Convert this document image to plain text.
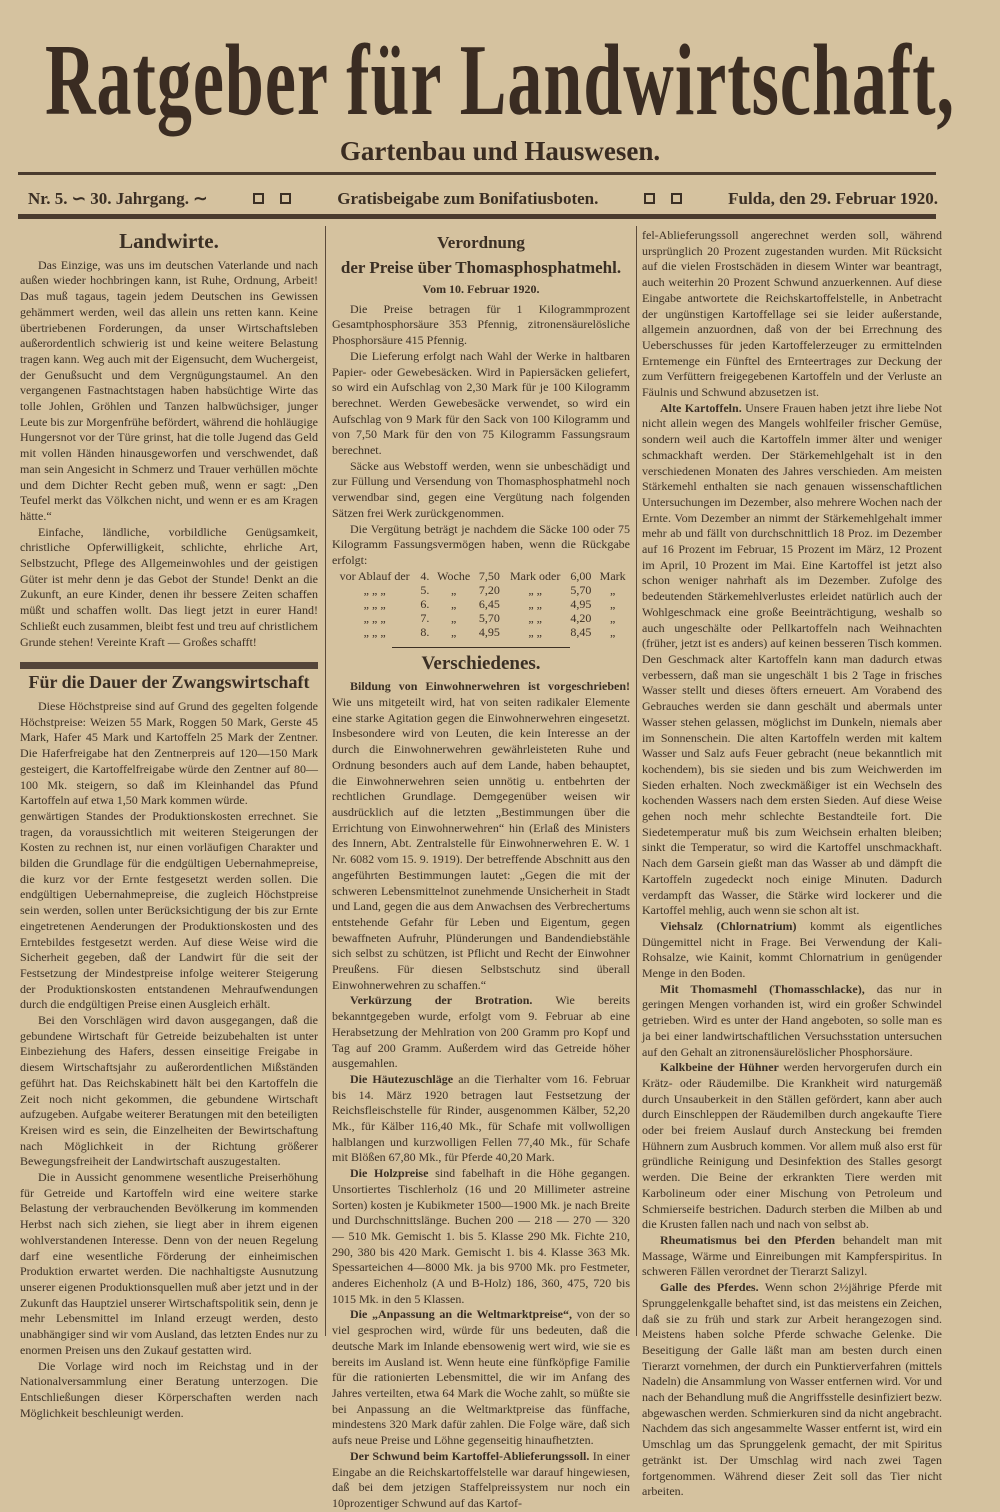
Ratgeber für Landwirtschaft,
Gartenbau und Hauswesen.
Nr. 5. ∽ 30. Jahrgang. ∼	Gratisbeigabe zum Bonifatiusboten.	Fulda, den 29. Februar 1920.
Landwirte.

Das Einzige, was uns im deutschen Vaterlande und nach außen wieder hochbringen kann, ist Ruhe, Ordnung, Arbeit! Das muß tagaus, tagein jedem Deutschen ins Gewissen gehämmert werden, weil das allein uns retten kann. Keine übertriebenen Forderungen, da unser Wirtschaftsleben außerordentlich schwierig ist und keine weitere Belastung tragen kann. Weg auch mit der Eigensucht, dem Wuchergeist, der Genußsucht und dem Vergnügungstaumel. An den vergangenen Fastnachtstagen haben habsüchtige Wirte das tolle Johlen, Gröhlen und Tanzen halbwüchsiger, junger Leute bis zur Morgenfrühe befördert, während die hohläugige Hungersnot vor der Türe grinst, hat die tolle Jugend das Geld mit vollen Händen hinausgeworfen und verschwendet, daß man sein Angesicht in Schmerz und Trauer verhüllen möchte und dem Dichter Recht geben muß, wenn er sagt: „Den Teufel merkt das Völkchen nicht, und wenn er es am Kragen hätte.“

Einfache, ländliche, vorbildliche Genügsamkeit, christliche Opferwilligkeit, schlichte, ehrliche Art, Selbstzucht, Pflege des Allgemeinwohles und der geistigen Güter ist mehr denn je das Gebot der Stunde! Denkt an die Zukunft, an eure Kinder, denen ihr bessere Zeiten schaffen müßt und schaffen wollt. Das liegt jetzt in eurer Hand! Schließt euch zusammen, bleibt fest und treu auf christlichem Grunde stehen! Vereinte Kraft — Großes schafft!

Für die Dauer der Zwangswirtschaft

Diese Höchstpreise sind auf Grund des gegelten folgende Höchstpreise: Weizen 55 Mark, Roggen 50 Mark, Gerste 45 Mark, Hafer 45 Mark und Kartoffeln 25 Mark der Zentner. Die Haferfreigabe hat den Zentnerpreis auf 120—150 Mark gesteigert, die Kartoffelfreigabe würde den Zentner auf 80—100 Mk. steigern, so daß im Kleinhandel das Pfund Kartoffeln auf etwa 1,50 Mark kommen würde.

genwärtigen Standes der Produktionskosten errechnet. Sie tragen, da voraussichtlich mit weiteren Steigerungen der Kosten zu rechnen ist, nur einen vorläufigen Charakter und bilden die Grundlage für die endgültigen Uebernahmepreise, die kurz vor der Ernte festgesetzt werden sollen. Die endgültigen Uebernahmepreise, die zugleich Höchstpreise sein werden, sollen unter Berücksichtigung der bis zur Ernte eingetretenen Aenderungen der Produktionskosten und des Erntebildes festgesetzt werden. Auf diese Weise wird die Sicherheit gegeben, daß der Landwirt für die seit der Festsetzung der Mindestpreise infolge weiterer Steigerung der Produktionskosten entstandenen Mehraufwendungen durch die endgültigen Preise einen Ausgleich erhält.

Bei den Vorschlägen wird davon ausgegangen, daß die gebundene Wirtschaft für Getreide beizubehalten ist unter Einbeziehung des Hafers, dessen einseitige Freigabe in diesem Wirtschaftsjahr zu außerordentlichen Mißständen geführt hat. Das Reichskabinett hält bei den Kartoffeln die Zeit noch nicht gekommen, die gebundene Wirtschaft aufzugeben. Aufgabe weiterer Beratungen mit den beteiligten Kreisen wird es sein, die Einzelheiten der Bewirtschaftung nach Möglichkeit in der Richtung größerer Bewegungsfreiheit der Landwirtschaft auszugestalten.

Die in Aussicht genommene wesentliche Preiserhöhung für Getreide und Kartoffeln wird eine weitere starke Belastung der verbrauchenden Bevölkerung im kommenden Herbst nach sich ziehen, sie liegt aber in ihrem eigenen wohlverstandenen Interesse. Denn von der neuen Regelung darf eine wesentliche Förderung der einheimischen Produktion erwartet werden. Die nachhaltigste Ausnutzung unserer eigenen Produktionsquellen muß aber jetzt und in der Zukunft das Hauptziel unserer Wirtschaftspolitik sein, denn je mehr Lebensmittel im Inland erzeugt werden, desto unabhängiger sind wir vom Ausland, das letzten Endes nur zu enormen Preisen uns den Zukauf gestatten wird.

Die Vorlage wird noch im Reichstag und in der Nationalversammlung einer Beratung unterzogen. Die Entschließungen dieser Körperschaften werden nach Möglichkeit beschleunigt werden.

Verordnung
der Preise über Thomasphosphatmehl.
Vom 10. Februar 1920.

Die Preise betragen für 1 Kilogrammprozent Gesamtphosphorsäure 353 Pfennig, zitronensäurelösliche Phosphorsäure 415 Pfennig.

Die Lieferung erfolgt nach Wahl der Werke in haltbaren Papier- oder Gewebesäcken. Wird in Papiersäcken geliefert, so wird ein Aufschlag von 2,30 Mark für je 100 Kilogramm berechnet. Werden Gewebesäcke verwendet, so wird ein Aufschlag von 9 Mark für den Sack von 100 Kilogramm und von 7,50 Mark für den von 75 Kilogramm Fassungsraum berechnet.

Säcke aus Webstoff werden, wenn sie unbeschädigt und zur Füllung und Versendung von Thomasphosphatmehl noch verwendbar sind, gegen eine Vergütung nach folgenden Sätzen frei Werk zurückgenommen.

Die Vergütung beträgt je nachdem die Säcke 100 oder 75 Kilogramm Fassungsvermögen haben, wenn die Rückgabe erfolgt:

vor Ablauf der	4.	Woche	7,50	Mark oder	6,00	Mark
„ „ „	5.	„	7,20	„ „	5,70	„
„ „ „	6.	„	6,45	„ „	4,95	„
„ „ „	7.	„	5,70	„ „	4,20	„
„ „ „	8.	„	4,95	„ „	8,45	„
Verschiedenes.

Bildung von Einwohnerwehren ist vorgeschrieben! Wie uns mitgeteilt wird, hat von seiten radikaler Elemente eine starke Agitation gegen die Einwohnerwehren eingesetzt. Insbesondere wird von Leuten, die kein Interesse an der durch die Einwohnerwehren gewährleisteten Ruhe und Ordnung besonders auch auf dem Lande, haben behauptet, die Einwohnerwehren seien unnötig u. entbehrten der rechtlichen Grundlage. Demgegenüber weisen wir ausdrücklich auf die letzten „Bestimmungen über die Errichtung von Einwohnerwehren“ hin (Erlaß des Ministers des Innern, Abt. Zentralstelle für Einwohnerwehren E. W. 1 Nr. 6082 vom 15. 9. 1919). Der betreffende Abschnitt aus den angeführten Bestimmungen lautet: „Gegen die mit der schweren Lebensmittelnot zunehmende Unsicherheit in Stadt und Land, gegen die aus dem Anwachsen des Verbrechertums entstehende Gefahr für Leben und Eigentum, gegen bewaffneten Aufruhr, Plünderungen und Bandendiebstähle sich selbst zu schützen, ist Pflicht und Recht der Einwohner Preußens. Für diesen Selbstschutz sind überall Einwohnerwehren zu schaffen.“

Verkürzung der Brotration. Wie bereits bekanntgegeben wurde, erfolgt vom 9. Februar ab eine Herabsetzung der Mehlration von 200 Gramm pro Kopf und Tag auf 200 Gramm. Außerdem wird das Getreide höher ausgemahlen.

Die Häutezuschläge an die Tierhalter vom 16. Februar bis 14. März 1920 betragen laut Festsetzung der Reichsfleischstelle für Rinder, ausgenommen Kälber, 52,20 Mk., für Kälber 116,40 Mk., für Schafe mit vollwolligen halblangen und kurzwolligen Fellen 77,40 Mk., für Schafe mit Blößen 67,80 Mk., für Pferde 40,20 Mark.

Die Holzpreise sind fabelhaft in die Höhe gegangen. Unsortiertes Tischlerholz (16 und 20 Millimeter astreine Sorten) kosten je Kubikmeter 1500—1900 Mk. je nach Breite und Durchschnittslänge. Buchen 200 — 218 — 270 — 320 — 510 Mk. Gemischt 1. bis 5. Klasse 290 Mk. Fichte 210, 290, 380 bis 420 Mark. Gemischt 1. bis 4. Klasse 363 Mk. Spessarteichen 4—8000 Mk. ja bis 9700 Mk. pro Festmeter, anderes Eichenholz (A und B-Holz) 186, 360, 475, 720 bis 1015 Mk. in den 5 Klassen.

Die „Anpassung an die Weltmarktpreise“, von der so viel gesprochen wird, würde für uns bedeuten, daß die deutsche Mark im Inlande ebensowenig wert wird, wie sie es bereits im Ausland ist. Wenn heute eine fünfköpfige Familie für die rationierten Lebensmittel, die wir im Anfang des Jahres verteilten, etwa 64 Mark die Woche zahlt, so müßte sie bei Anpassung an die Weltmarktpreise das fünffache, mindestens 320 Mark dafür zahlen. Die Folge wäre, daß sich aufs neue Preise und Löhne gegenseitig hinaufhetzten.

Der Schwund beim Kartoffel-Ablieferungssoll. In einer Eingabe an die Reichskartoffelstelle war darauf hingewiesen, daß bei dem jetzigen Staffelpreissystem nur noch ein 10prozentiger Schwund auf das Kartof-

fel-Ablieferungssoll angerechnet werden soll, während ursprünglich 20 Prozent zugestanden wurden. Mit Rücksicht auf die vielen Frostschäden in diesem Winter war beantragt, auch weiterhin 20 Prozent Schwund anzuerkennen. Auf diese Eingabe antwortete die Reichskartoffelstelle, in Anbetracht der ungünstigen Kartoffellage sei sie leider außerstande, allgemein anzuordnen, daß von der bei Errechnung des Ueberschusses für jeden Kartoffelerzeuger zu ermittelnden Erntemenge ein Fünftel des Ernteertrages zur Deckung der zum Verfüttern freigegebenen Kartoffeln und der Verluste an Fäulnis und Schwund abzusetzen ist.

Alte Kartoffeln. Unsere Frauen haben jetzt ihre liebe Not nicht allein wegen des Mangels wohlfeiler frischer Gemüse, sondern weil auch die Kartoffeln immer älter und weniger schmackhaft werden. Der Stärkemehlgehalt ist in den verschiedenen Monaten des Jahres verschieden. Am meisten Stärkemehl enthalten sie nach genauen wissenschaftlichen Untersuchungen im Dezember, also mehrere Wochen nach der Ernte. Vom Dezember an nimmt der Stärkemehlgehalt immer mehr ab und fällt von durchschnittlich 18 Proz. im Dezember auf 16 Prozent im Februar, 15 Prozent im März, 12 Prozent im April, 10 Prozent im Mai. Eine Kartoffel ist jetzt also schon weniger nahrhaft als im Dezember. Zufolge des bedeutenden Stärkemehlverlustes erleidet natürlich auch der Wohlgeschmack eine große Beeinträchtigung, weshalb so auch ungeschälte oder Pellkartoffeln nach Weihnachten (früher, jetzt ist es anders) auf keinen besseren Tisch kommen. Den Geschmack alter Kartoffeln kann man dadurch etwas verbessern, daß man sie ungeschält 1 bis 2 Tage in frisches Wasser stellt und dieses öfters erneuert. Am Vorabend des Gebrauches werden sie dann geschält und abermals unter Wasser stehen gelassen, möglichst im Dunkeln, niemals aber im Sonnenschein. Die alten Kartoffeln werden mit kaltem Wasser und Salz aufs Feuer gebracht (neue bekanntlich mit kochendem), bis sie sieden und bis zum Weichwerden im Sieden erhalten. Noch zweckmäßiger ist ein Wechseln des kochenden Wassers nach dem ersten Sieden. Auf diese Weise gehen noch mehr schlechte Bestandteile fort. Die Siedetemperatur muß bis zum Weichsein erhalten bleiben; sinkt die Temperatur, so wird die Kartoffel unschmackhaft. Nach dem Garsein gießt man das Wasser ab und dämpft die Kartoffeln zugedeckt noch einige Minuten. Dadurch verdampft das Wasser, die Stärke wird lockerer und die Kartoffel mehlig, auch wenn sie schon alt ist.

Viehsalz (Chlornatrium) kommt als eigentliches Düngemittel nicht in Frage. Bei Verwendung der Kali-Rohsalze, wie Kainit, kommt Chlornatrium in genügender Menge in den Boden.

Mit Thomasmehl (Thomasschlacke), das nur in geringen Mengen vorhanden ist, wird ein großer Schwindel getrieben. Wird es unter der Hand angeboten, so solle man es ja bei einer landwirtschaftlichen Versuchsstation untersuchen auf den Gehalt an zitronensäurelöslicher Phosphorsäure.

Kalkbeine der Hühner werden hervorgerufen durch ein Krätz- oder Räudemilbe. Die Krankheit wird naturgemäß durch Unsauberkeit in den Ställen gefördert, kann aber auch durch Einschleppen der Räudemilben durch angekaufte Tiere oder bei freiem Auslauf durch Ansteckung bei fremden Hühnern zum Ausbruch kommen. Vor allem muß also erst für gründliche Reinigung und Desinfektion des Stalles gesorgt werden. Die Beine der erkrankten Tiere werden mit Karbolineum oder einer Mischung von Petroleum und Schmierseife bestrichen. Dadurch sterben die Milben ab und die Krusten fallen nach und nach von selbst ab.

Rheumatismus bei den Pferden behandelt man mit Massage, Wärme und Einreibungen mit Kampferspiritus. In schweren Fällen verordnet der Tierarzt Salizyl.

Galle des Pferdes. Wenn schon 2½jährige Pferde mit Sprunggelenkgalle behaftet sind, ist das meistens ein Zeichen, daß sie zu früh und stark zur Arbeit herangezogen sind. Meistens haben solche Pferde schwache Gelenke. Die Beseitigung der Galle läßt man am besten durch einen Tierarzt vornehmen, der durch ein Punktierverfahren (mittels Nadeln) die Ansammlung von Wasser entfernen wird. Vor und nach der Behandlung muß die Angriffsstelle desinfiziert bezw. abgewaschen werden. Schmierkuren sind da nicht angebracht. Nachdem das sich angesammelte Wasser entfernt ist, wird ein Umschlag um das Sprunggelenk gemacht, der mit Spiritus getränkt ist. Der Umschlag wird nach zwei Tagen fortgenommen. Während dieser Zeit soll das Tier nicht arbeiten.
